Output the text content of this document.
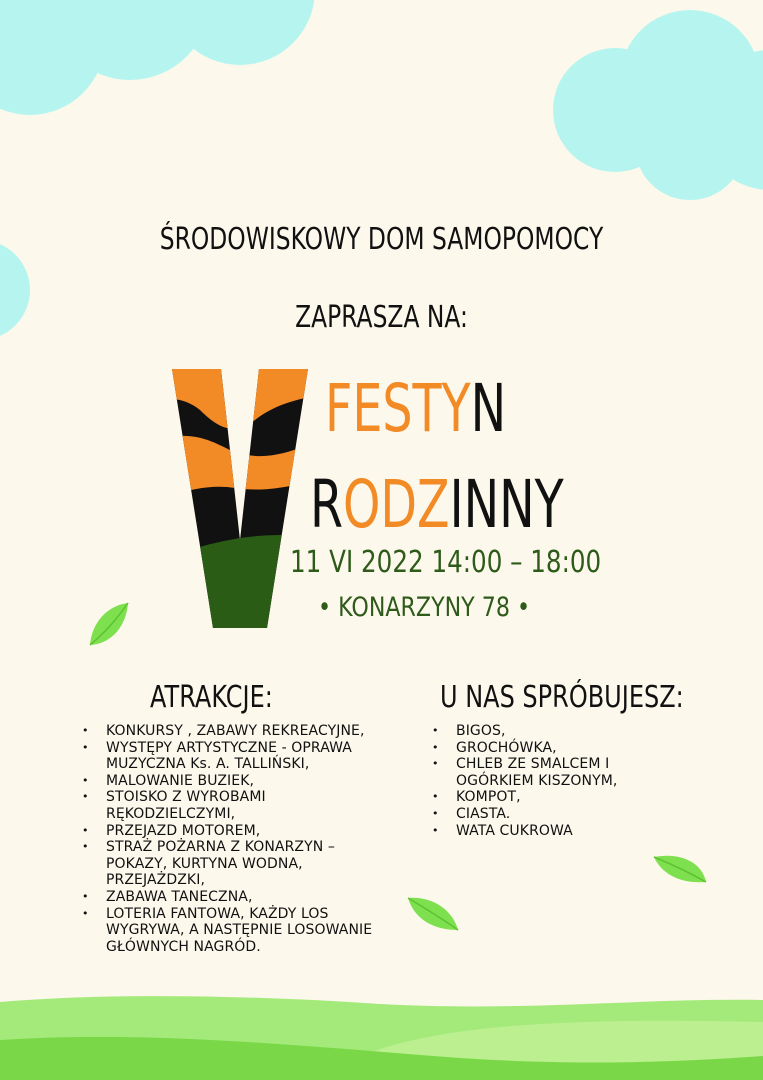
ŚRODOWISKOWY DOM SAMOPOMOCY
ZAPRASZA NA:
FESTYN
RODZINNY
11 VI 2022 14:00 – 18:00
• KONARZYNY 78 •
ATRAKCJE:
• KONKURSY , ZABAWY REKREACYJNE,
• WYSTĘPY ARTYSTYCZNE - OPRAWA MUZYCZNA Ks. A. TALLIŃSKI,
• MALOWANIE BUZIEK,
• STOISKO Z WYROBAMI RĘKODZIELCZYMI,
• PRZEJAZD MOTOREM,
• STRAŻ POŻARNA Z KONARZYN – POKAZY, KURTYNA WODNA, PRZEJAŻDZKI,
• ZABAWA TANECZNA,
• LOTERIA FANTOWA, KAŻDY LOS WYGRYWA, A NASTĘPNIE LOSOWANIE GŁÓWNYCH NAGRÓD.
U NAS SPRÓBUJESZ:
• BIGOS,
• GROCHÓWKA,
• CHLEB ZE SMALCEM I OGÓRKIEM KISZONYM,
• KOMPOT,
• CIASTA.
• WATA CUKROWA
